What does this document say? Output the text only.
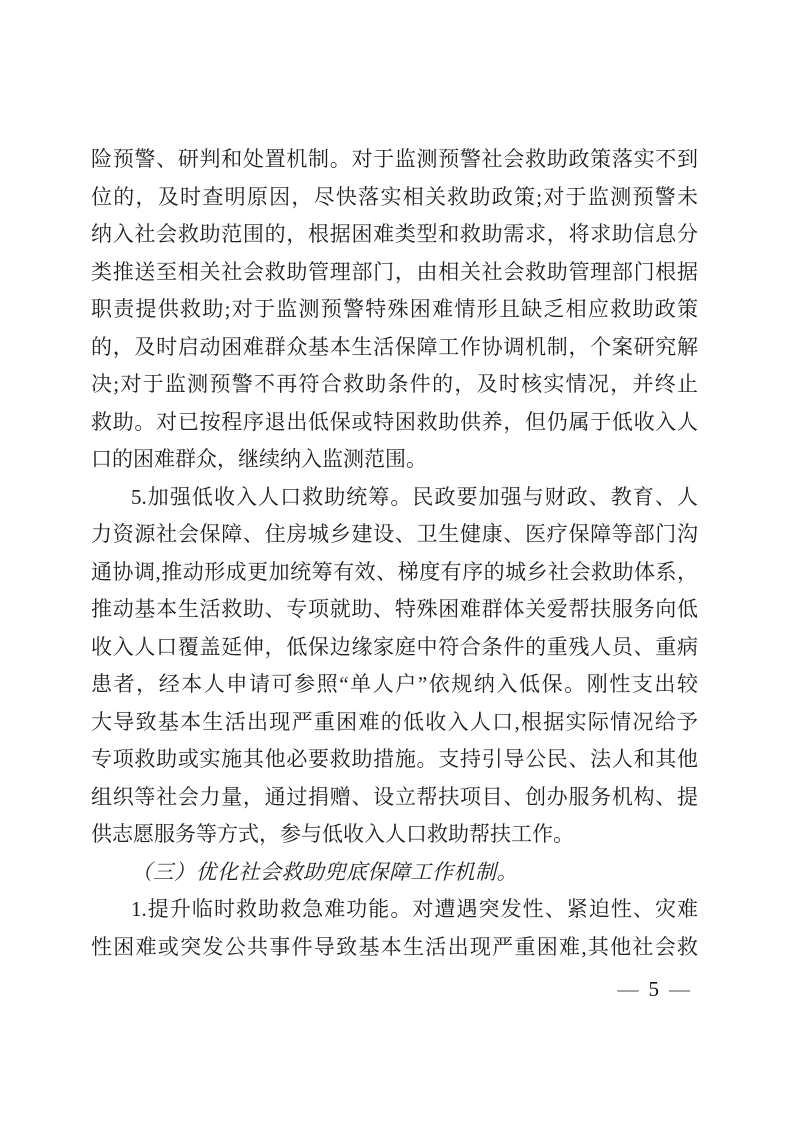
险预警、研判和处置机制。对于监测预警社会救助政策落实不到
位的，及时查明原因，尽快落实相关救助政策;对于监测预警未
纳入社会救助范围的，根据困难类型和救助需求，将求助信息分
类推送至相关社会救助管理部门，由相关社会救助管理部门根据
职责提供救助;对于监测预警特殊困难情形且缺乏相应救助政策
的，及时启动困难群众基本生活保障工作协调机制，个案研究解
决;对于监测预警不再符合救助条件的，及时核实情况，并终止
救助。对已按程序退出低保或特困救助供养，但仍属于低收入人
口的困难群众，继续纳入监测范围。
5.加强低收入人口救助统筹。民政要加强与财政、教育、人
力资源社会保障、住房城乡建设、卫生健康、医疗保障等部门沟
通协调,推动形成更加统筹有效、梯度有序的城乡社会救助体系，
推动基本生活救助、专项就助、特殊困难群体关爱帮扶服务向低
收入人口覆盖延伸，低保边缘家庭中符合条件的重残人员、重病
患者，经本人申请可参照“单人户”依规纳入低保。刚性支出较
大导致基本生活出现严重困难的低收入人口,根据实际情况给予
专项救助或实施其他必要救助措施。支持引导公民、法人和其他
组织等社会力量，通过捐赠、设立帮扶项目、创办服务机构、提
供志愿服务等方式，参与低收入人口救助帮扶工作。
（三）优化社会救助兜底保障工作机制。
1.提升临时救助救急难功能。对遭遇突发性、紧迫性、灾难
性困难或突发公共事件导致基本生活出现严重困难,其他社会救
— 5 —
